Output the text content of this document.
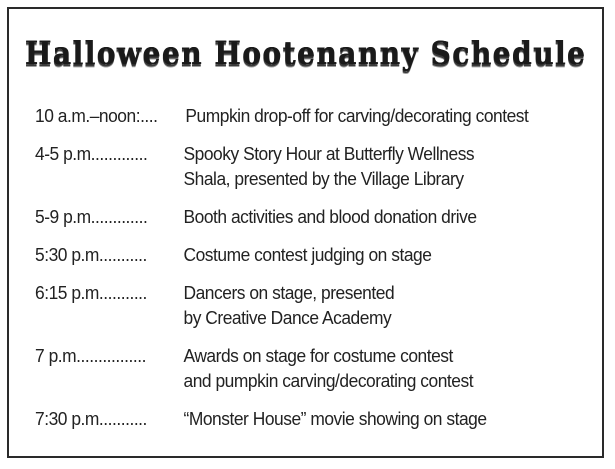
Halloween Hootenanny Schedule
10 a.m.–noon: .... Pumpkin drop-off for carving/decorating contest
4-5 p.m. ............ Spooky Story Hour at Butterfly Wellness
Shala, presented by the Village Library
5-9 p.m. ............ Booth activities and blood donation drive
5:30 p.m. .......... Costume contest judging on stage
6:15 p.m. .......... Dancers on stage, presented
by Creative Dance Academy
7 p.m. ............... Awards on stage for costume contest
and pumpkin carving/decorating contest
7:30 p.m. .......... “Monster House” movie showing on stage
